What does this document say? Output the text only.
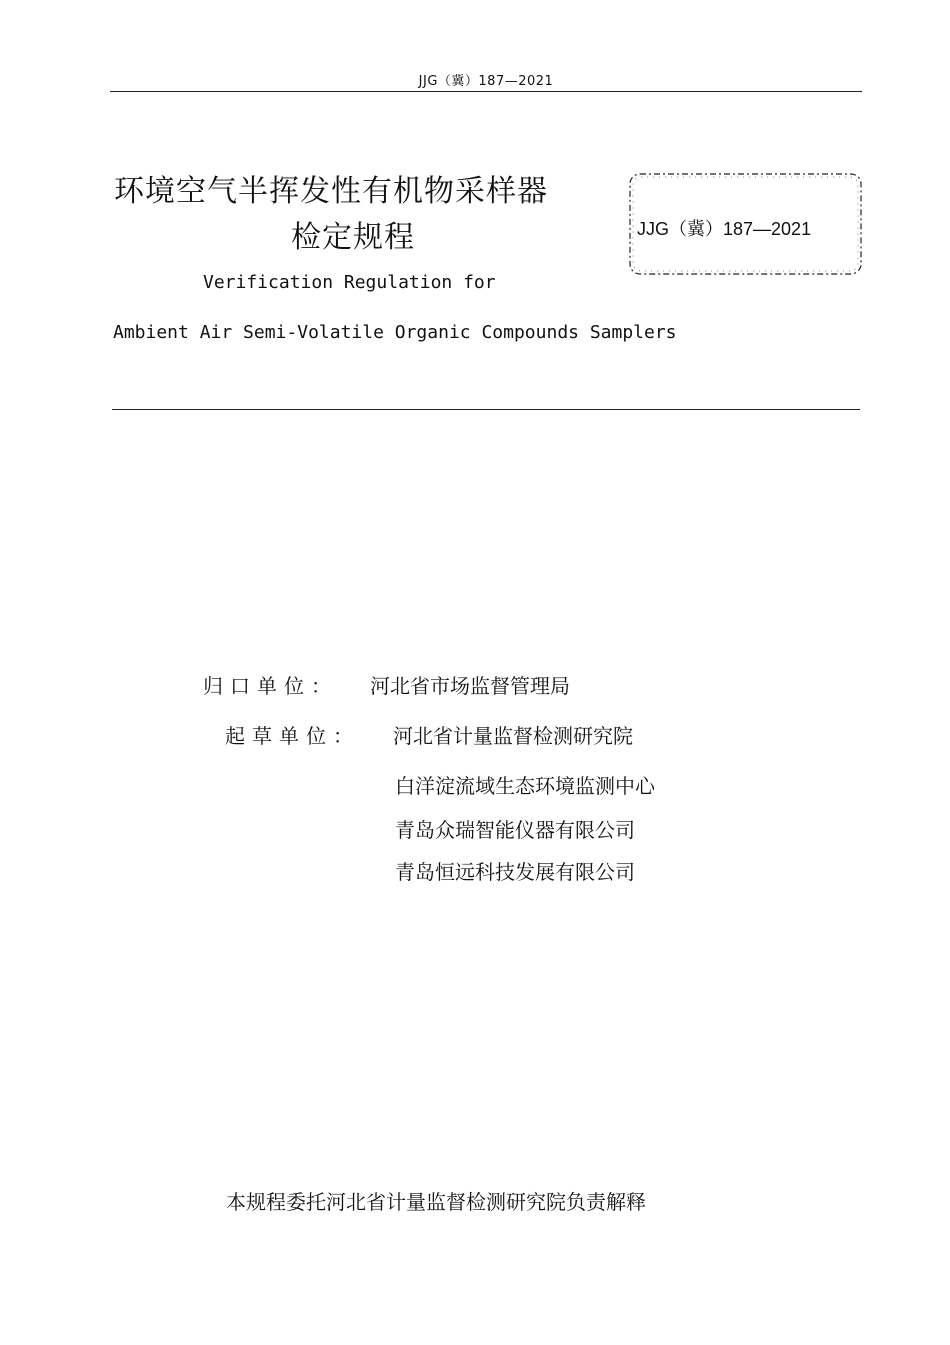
JJG（冀）187—2021
环境空气半挥发性有机物采样器
检定规程	JJG（冀）187—2021
Verification Regulation for
Ambient Air Semi-Volatile Organic Compounds Samplers
归口单位： 河北省市场监督管理局
起草单位： 河北省计量监督检测研究院
白洋淀流域生态环境监测中心
青岛众瑞智能仪器有限公司
青岛恒远科技发展有限公司
本规程委托河北省计量监督检测研究院负责解释
